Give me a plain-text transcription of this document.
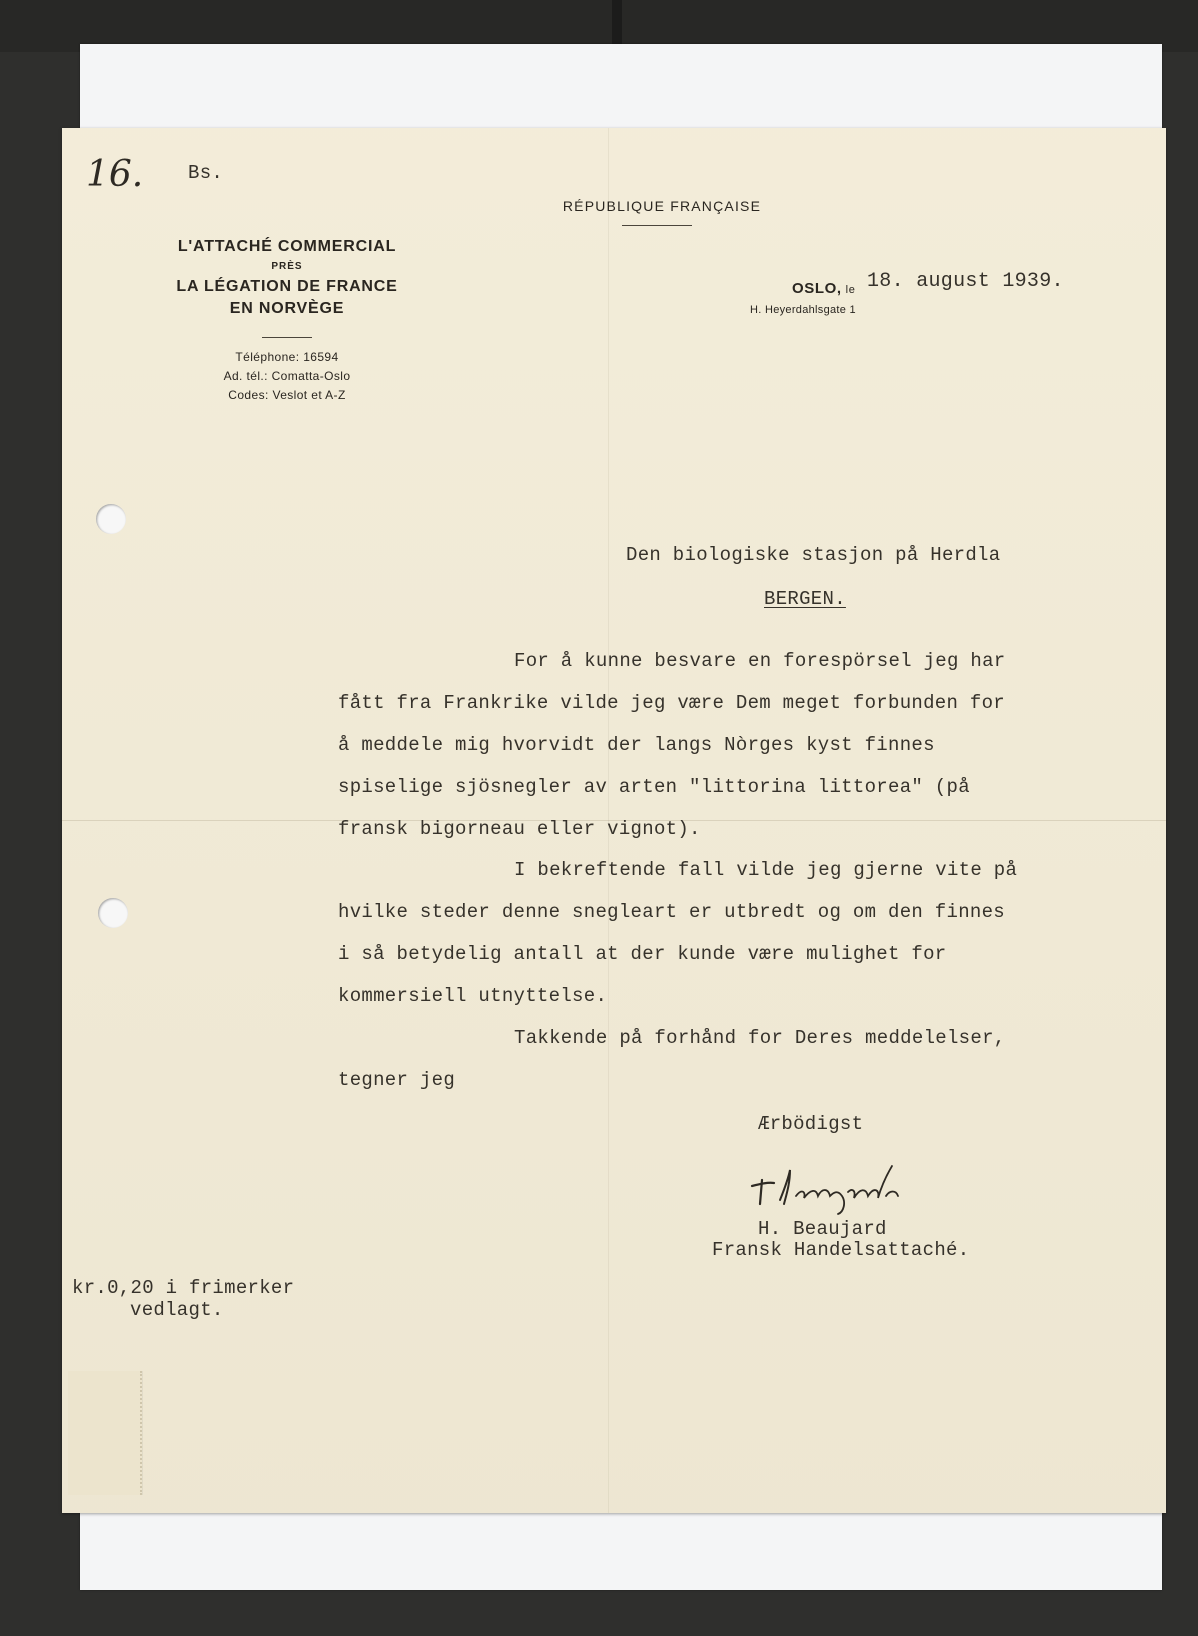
16. Bs.
RÉPUBLIQUE FRANÇAISE
L'ATTACHÉ COMMERCIAL
PRÈS
LA LÉGATION DE FRANCE
EN NORVÈGE
Téléphone: 16594
Ad. tél.: Comatta-Oslo
Codes: Veslot et A-Z
OSLO, le
H. Heyerdahlsgate 1
18. august 1939.
Den biologiske stasjon på Herdla
BERGEN.
For å kunne besvare en forespörsel jeg har
fått fra Frankrike vilde jeg være Dem meget forbunden for
å meddele mig hvorvidt der langs Nòrges kyst finnes
spiselige sjösnegler av arten "littorina littorea" (på
fransk bigorneau eller vignot).
I bekreftende fall vilde jeg gjerne vite på
hvilke steder denne snegleart er utbredt og om den finnes
i så betydelig antall at der kunde være mulighet for
kommersiell utnyttelse.
Takkende på forhånd for Deres meddelelser,
tegner jeg
Ærbödigst
H. Beaujard
Fransk Handelsattaché.
kr.0,20 i frimerker
vedlagt.
